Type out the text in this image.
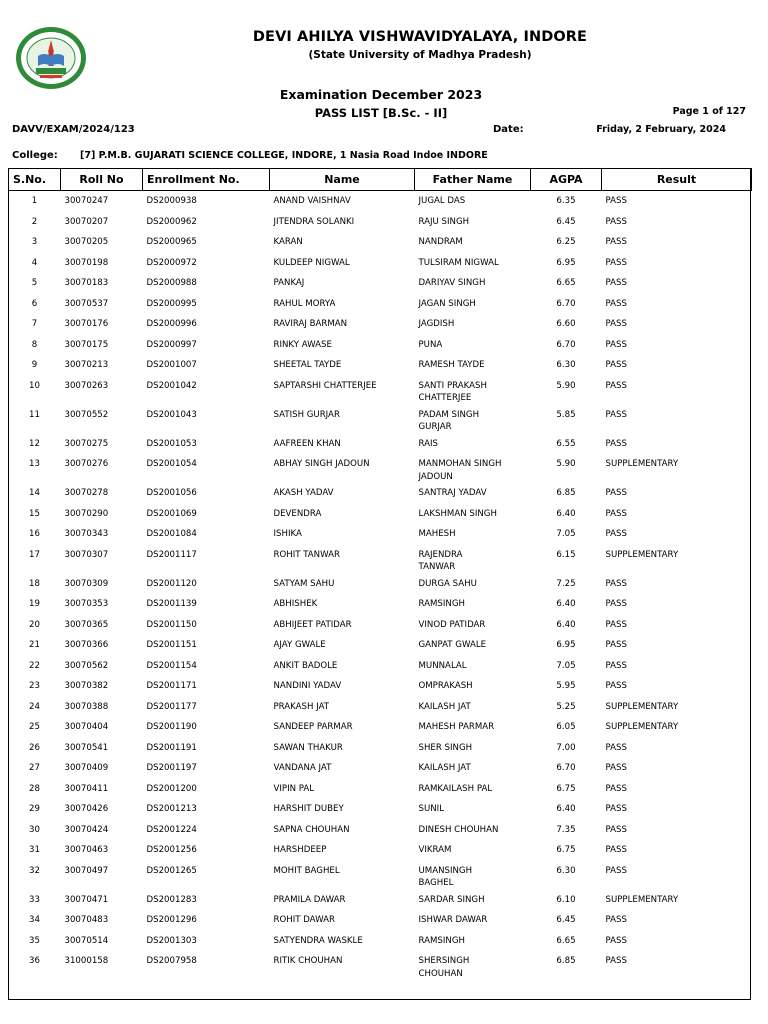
DEVI AHILYA VISHWAVIDYALAYA, INDORE
(State University of Madhya Pradesh)
Examination December 2023
PASS LIST [B.Sc. - II]	Page 1 of 127
DAVV/EXAM/2024/123	Date:	Friday, 2 February, 2024
College: [7] P.M.B. GUJARATI SCIENCE COLLEGE, INDORE, 1 Nasia Road Indoe INDORE
S.No.	Roll No	Enrollment No.	Name	Father Name	AGPA	Result
1	30070247	DS2000938	ANAND VAISHNAV	JUGAL DAS	6.35	PASS
2	30070207	DS2000962	JITENDRA SOLANKI	RAJU SINGH	6.45	PASS
3	30070205	DS2000965	KARAN	NANDRAM	6.25	PASS
4	30070198	DS2000972	KULDEEP NIGWAL	TULSIRAM NIGWAL	6.95	PASS
5	30070183	DS2000988	PANKAJ	DARIYAV SINGH	6.65	PASS
6	30070537	DS2000995	RAHUL MORYA	JAGAN SINGH	6.70	PASS
7	30070176	DS2000996	RAVIRAJ BARMAN	JAGDISH	6.60	PASS
8	30070175	DS2000997	RINKY AWASE	PUNA	6.70	PASS
9	30070213	DS2001007	SHEETAL TAYDE	RAMESH TAYDE	6.30	PASS
10	30070263	DS2001042	SAPTARSHI CHATTERJEE	SANTI PRAKASH
CHATTERJEE	5.90	PASS
11	30070552	DS2001043	SATISH GURJAR	PADAM SINGH
GURJAR	5.85	PASS
12	30070275	DS2001053	AAFREEN KHAN	RAIS	6.55	PASS
13	30070276	DS2001054	ABHAY SINGH JADOUN	MANMOHAN SINGH
JADOUN	5.90	SUPPLEMENTARY
14	30070278	DS2001056	AKASH YADAV	SANTRAJ YADAV	6.85	PASS
15	30070290	DS2001069	DEVENDRA	LAKSHMAN SINGH	6.40	PASS
16	30070343	DS2001084	ISHIKA	MAHESH	7.05	PASS
17	30070307	DS2001117	ROHIT TANWAR	RAJENDRA
TANWAR	6.15	SUPPLEMENTARY
18	30070309	DS2001120	SATYAM SAHU	DURGA SAHU	7.25	PASS
19	30070353	DS2001139	ABHISHEK	RAMSINGH	6.40	PASS
20	30070365	DS2001150	ABHIJEET PATIDAR	VINOD PATIDAR	6.40	PASS
21	30070366	DS2001151	AJAY GWALE	GANPAT GWALE	6.95	PASS
22	30070562	DS2001154	ANKIT BADOLE	MUNNALAL	7.05	PASS
23	30070382	DS2001171	NANDINI YADAV	OMPRAKASH	5.95	PASS
24	30070388	DS2001177	PRAKASH JAT	KAILASH JAT	5.25	SUPPLEMENTARY
25	30070404	DS2001190	SANDEEP PARMAR	MAHESH PARMAR	6.05	SUPPLEMENTARY
26	30070541	DS2001191	SAWAN THAKUR	SHER SINGH	7.00	PASS
27	30070409	DS2001197	VANDANA JAT	KAILASH JAT	6.70	PASS
28	30070411	DS2001200	VIPIN PAL	RAMKAILASH PAL	6.75	PASS
29	30070426	DS2001213	HARSHIT DUBEY	SUNIL	6.40	PASS
30	30070424	DS2001224	SAPNA CHOUHAN	DINESH CHOUHAN	7.35	PASS
31	30070463	DS2001256	HARSHDEEP	VIKRAM	6.75	PASS
32	30070497	DS2001265	MOHIT BAGHEL	UMANSINGH
BAGHEL	6.30	PASS
33	30070471	DS2001283	PRAMILA DAWAR	SARDAR SINGH	6.10	SUPPLEMENTARY
34	30070483	DS2001296	ROHIT DAWAR	ISHWAR DAWAR	6.45	PASS
35	30070514	DS2001303	SATYENDRA WASKLE	RAMSINGH	6.65	PASS
36	31000158	DS2007958	RITIK CHOUHAN	SHERSINGH
CHOUHAN	6.85	PASS
